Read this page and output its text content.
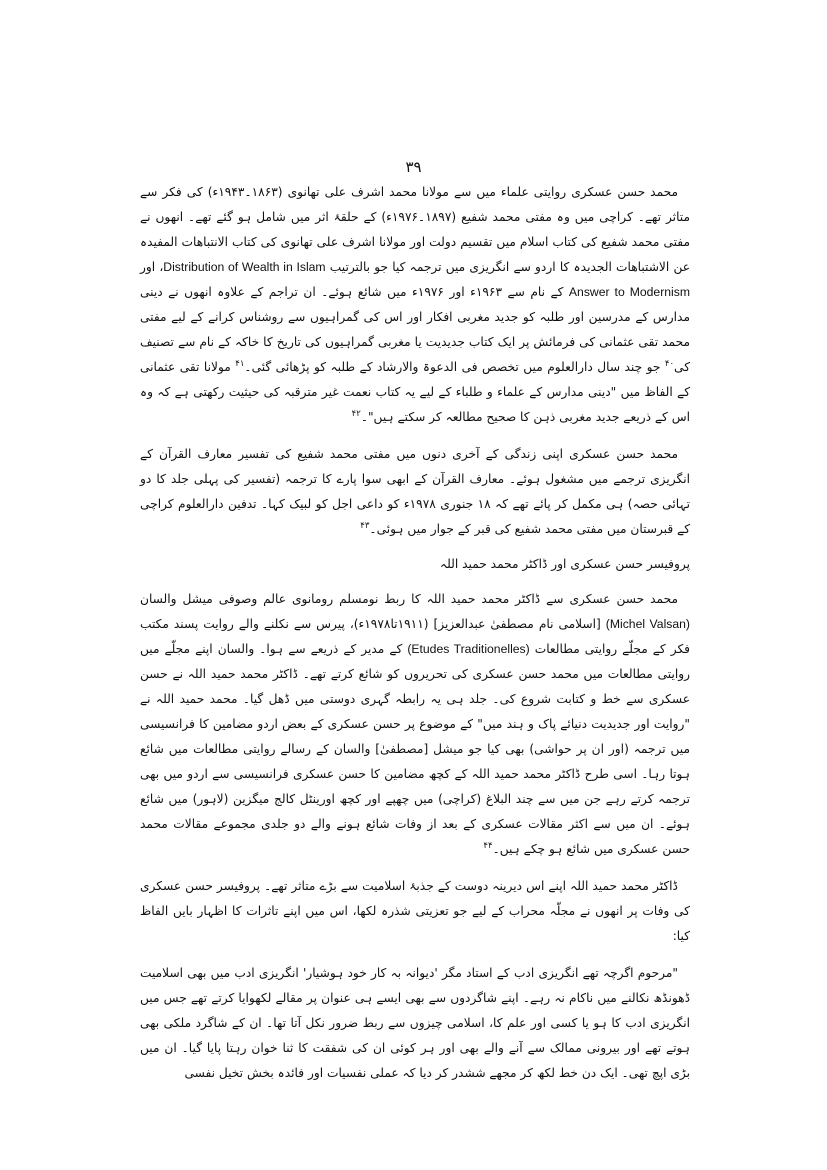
۳۹

محمد حسن عسکری روایتی علماء میں سے مولانا محمد اشرف علی تھانوی (۱۸۶۳۔۱۹۴۳ء) کی فکر سے متاثر تھے۔ کراچی میں وہ مفتی محمد شفیع (۱۸۹۷۔۱۹۷۶ء) کے حلقۂ اثر میں شامل ہو گئے تھے۔ انھوں نے مفتی محمد شفیع کی کتاب اسلام میں تقسیم دولت اور مولانا اشرف علی تھانوی کی کتاب الانتباهات المفیدہ عن الاشتباهات الجدیدہ کا اردو سے انگریزی میں ترجمہ کیا جو بالترتیب Distribution of Wealth in Islam، اور Answer to Modernism کے نام سے ۱۹۶۳ء اور ۱۹۷۶ء میں شائع ہوئے۔ ان تراجم کے علاوہ انھوں نے دینی مدارس کے مدرسین اور طلبہ کو جدید مغربی افکار اور اس کی گمراہیوں سے روشناس کرانے کے لیے مفتی محمد تقی عثمانی کی فرمائش پر ایک کتاب جدیدیت یا مغربی گمراہیوں کی تاریخ کا خاکہ کے نام سے تصنیف کی$^{۴۰}$ جو چند سال دارالعلوم میں تخصص فی الدعوۃ والارشاد کے طلبہ کو پڑھائی گئی۔$^{۴۱}$ مولانا تقی عثمانی کے الفاظ میں "دینی مدارس کے علماء و طلباء کے لیے یہ کتاب نعمت غیر مترقبہ کی حیثیت رکھتی ہے کہ وہ اس کے ذریعے جدید مغربی ذہن کا صحیح مطالعہ کر سکتے ہیں"۔$^{۴۲}$

محمد حسن عسکری اپنی زندگی کے آخری دنوں میں مفتی محمد شفیع کی تفسیر معارف القرآن کے انگریزی ترجمے میں مشغول ہوئے۔ معارف القرآن کے ابھی سوا پارے کا ترجمہ (تفسیر کی پہلی جلد کا دو تہائی حصہ) ہی مکمل کر پائے تھے کہ ۱۸ جنوری ۱۹۷۸ء کو داعی اجل کو لبیک کہا۔ تدفین دارالعلوم کراچی کے قبرستان میں مفتی محمد شفیع کی قبر کے جوار میں ہوئی۔$^{۴۳}$

پروفیسر حسن عسکری اور ڈاکٹر محمد حمید اللہ

محمد حسن عسکری سے ڈاکٹر محمد حمید اللہ کا ربط نومسلم رومانوی عالم وصوفی میشل والسان (Michel Valsan) [اسلامی نام مصطفیٰ عبدالعزیز] (۱۹۱۱تا۱۹۷۸ء)، پیرس سے نکلنے والے روایت پسند مکتب فکر کے مجلّے روایتی مطالعات (Etudes Traditionelles) کے مدیر کے ذریعے سے ہوا۔ والسان اپنے مجلّے میں روایتی مطالعات میں محمد حسن عسکری کی تحریروں کو شائع کرتے تھے۔ ڈاکٹر محمد حمید اللہ نے حسن عسکری سے خط و کتابت شروع کی۔ جلد ہی یہ رابطہ گہری دوستی میں ڈھل گیا۔ محمد حمید اللہ نے "روایت اور جدیدیت دنیائے پاک و ہند میں" کے موضوع پر حسن عسکری کے بعض اردو مضامین کا فرانسیسی میں ترجمہ (اور ان پر حواشی) بھی کیا جو میشل [مصطفیٰ] والسان کے رسالے روایتی مطالعات میں شائع ہوتا رہا۔ اسی طرح ڈاکٹر محمد حمید اللہ کے کچھ مضامین کا حسن عسکری فرانسیسی سے اردو میں بھی ترجمہ کرتے رہے جن میں سے چند البلاغ (کراچی) میں چھپے اور کچھ اورینٹل کالج میگزین (لاہور) میں شائع ہوئے۔ ان میں سے اکثر مقالات عسکری کے بعد از وفات شائع ہونے والے دو جلدی مجموعے مقالات محمد حسن عسکری میں شائع ہو چکے ہیں۔$^{۴۴}$

ڈاکٹر محمد حمید اللہ اپنے اس دیرینہ دوست کے جذبۂ اسلامیت سے بڑے متاثر تھے۔ پروفیسر حسن عسکری کی وفات پر انھوں نے مجلّہ محراب کے لیے جو تعزیتی شذرہ لکھا، اس میں اپنے تاثرات کا اظہار بایں الفاظ کیا:

"مرحوم اگرچہ تھے انگریزی ادب کے استاد مگر 'دیوانہ بہ کار خود ہوشیار' انگریزی ادب میں بھی اسلامیت ڈھونڈھ نکالنے میں ناکام نہ رہے۔ اپنے شاگردوں سے بھی ایسے ہی عنوان پر مقالے لکھوایا کرتے تھے جس میں انگریزی ادب کا ہو یا کسی اور علم کا، اسلامی چیزوں سے ربط ضرور نکل آتا تھا۔ ان کے شاگرد ملکی بھی ہوتے تھے اور بیرونی ممالک سے آنے والے بھی اور ہر کوئی ان کی شفقت کا ثنا خوان رہتا پایا گیا۔ ان میں بڑی اپچ تھی۔ ایک دن خط لکھ کر مجھے ششدر کر دیا کہ عملی نفسیات اور فائدہ بخش تخیل نفسی
